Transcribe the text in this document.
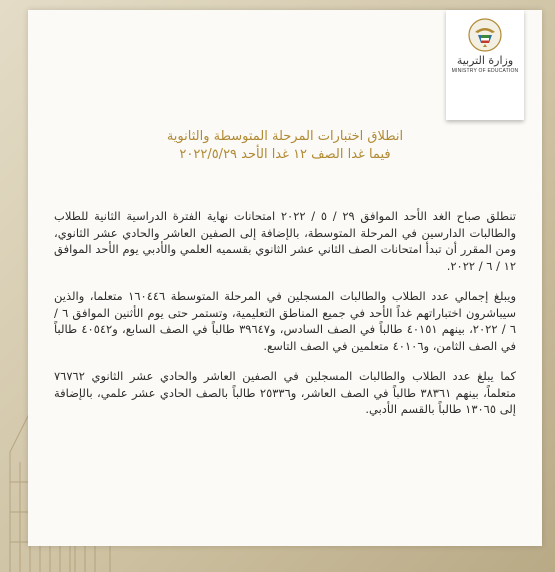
وزارة التربية
MINISTRY OF EDUCATION
انطلاق اختبارات المرحلة المتوسطة والثانوية
فيما غدا الصف ١٢ غدا الأحد ٢٠٢٢/٥/٢٩

تنطلق صباح الغد الأحد الموافق ٢٩ / ٥ / ٢٠٢٢ امتحانات نهاية الفترة الدراسية الثانية للطلاب والطالبات الدارسين في المرحلة المتوسطة، بالإضافة إلى الصفين العاشر والحادي عشر الثانوي، ومن المقرر أن تبدأ امتحانات الصف الثاني عشر الثانوي بقسميه العلمي والأدبي يوم الأحد الموافق ١٢ / ٦ / ٢٠٢٢.

ويبلغ إجمالي عدد الطلاب والطالبات المسجلين في المرحلة المتوسطة ١٦٠٤٤٦ متعلما، والذين سيباشرون اختباراتهم غداً الأحد في جميع المناطق التعليمية، وتستمر حتى يوم الأثنين الموافق ٦ / ٦ / ٢٠٢٢، بينهم ٤٠١٥١ طالباً في الصف السادس، و٣٩٦٤٧ طالباً في الصف السابع، و٤٠٥٤٢ طالباً في الصف الثامن، و٤٠١٠٦ متعلمين في الصف التاسع.

كما يبلغ عدد الطلاب والطالبات المسجلين في الصفين العاشر والحادي عشر الثانوي ٧٦٧٦٢ متعلماً، بينهم ٣٨٣٦١ طالباً في الصف العاشر، و٢٥٣٣٦ طالباً بالصف الحادي عشر علمي، بالإضافة إلى ١٣٠٦٥ طالباً بالقسم الأدبي.
